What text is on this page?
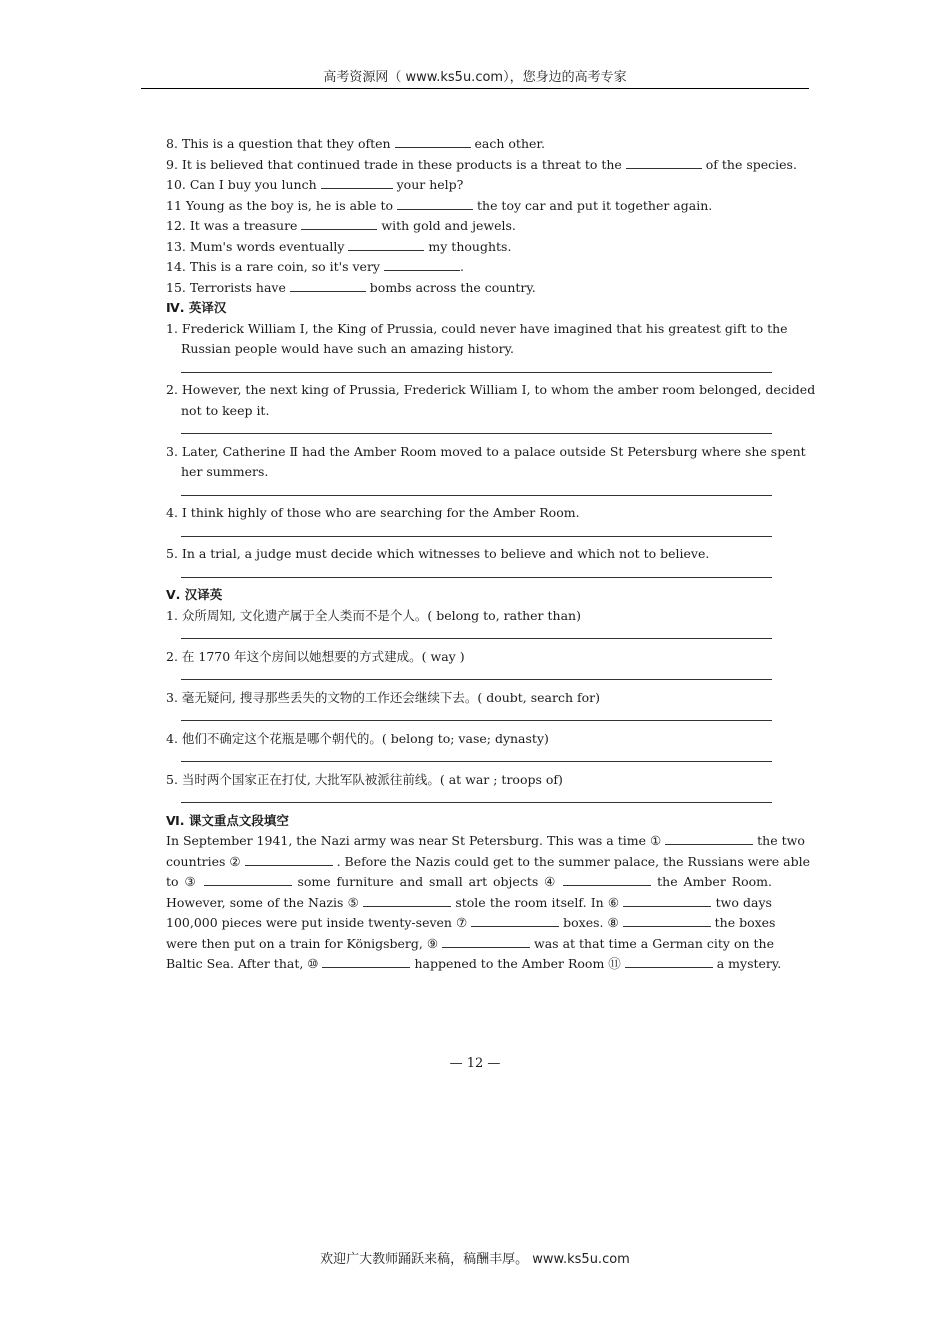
高考资源网（ www.ks5u.com），您身边的高考专家
8. This is a question that they often	each other.
9. It is believed that continued trade in these products is a threat to the	of the species.
10. Can I buy you lunch	your help?
11 Young as the boy is, he is able to	the toy car and put it together again.
12. It was a treasure	with gold and jewels.
13. Mum's words eventually	my thoughts.
14. This is a rare coin, so it's very	.
15. Terrorists have	bombs across the country.
Ⅳ. 英译汉
1. Frederick William I, the King of Prussia, could never have imagined that his greatest gift to the
Russian people would have such an amazing history.
2. However, the next king of Prussia, Frederick William I, to whom the amber room belonged, decided
not to keep it.
3. Later, Catherine Ⅱ had the Amber Room moved to a palace outside St Petersburg where she spent
her summers.
4. I think highly of those who are searching for the Amber Room.
5. In a trial, a judge must decide which witnesses to believe and which not to believe.
Ⅴ. 汉译英
1. 众所周知, 文化遗产属于全人类而不是个人。( belong to, rather than)
2. 在 1770 年这个房间以她想要的方式建成。( way )
3. 毫无疑问, 搜寻那些丢失的文物的工作还会继续下去。( doubt, search for)
4. 他们不确定这个花瓶是哪个朝代的。( belong to; vase; dynasty)
5. 当时两个国家正在打仗, 大批军队被派往前线。( at war ; troops of)
Ⅵ. 课文重点文段填空
In September 1941, the Nazi army was near St Petersburg. This was a time ①	the two
countries ②	. Before the Nazis could get to the summer palace, the Russians were able
to ③	some furniture and small art objects ④	the Amber Room.
However, some of the Nazis ⑤	stole the room itself. In ⑥	two days
100,000 pieces were put inside twenty-seven ⑦	boxes. ⑧	the boxes
were then put on a train for Königsberg, ⑨	was at that time a German city on the
Baltic Sea. After that, ⑩	happened to the Amber Room ⑪	a mystery.
— 12 —
欢迎广大教师踊跃来稿，稿酬丰厚。 www.ks5u.com
